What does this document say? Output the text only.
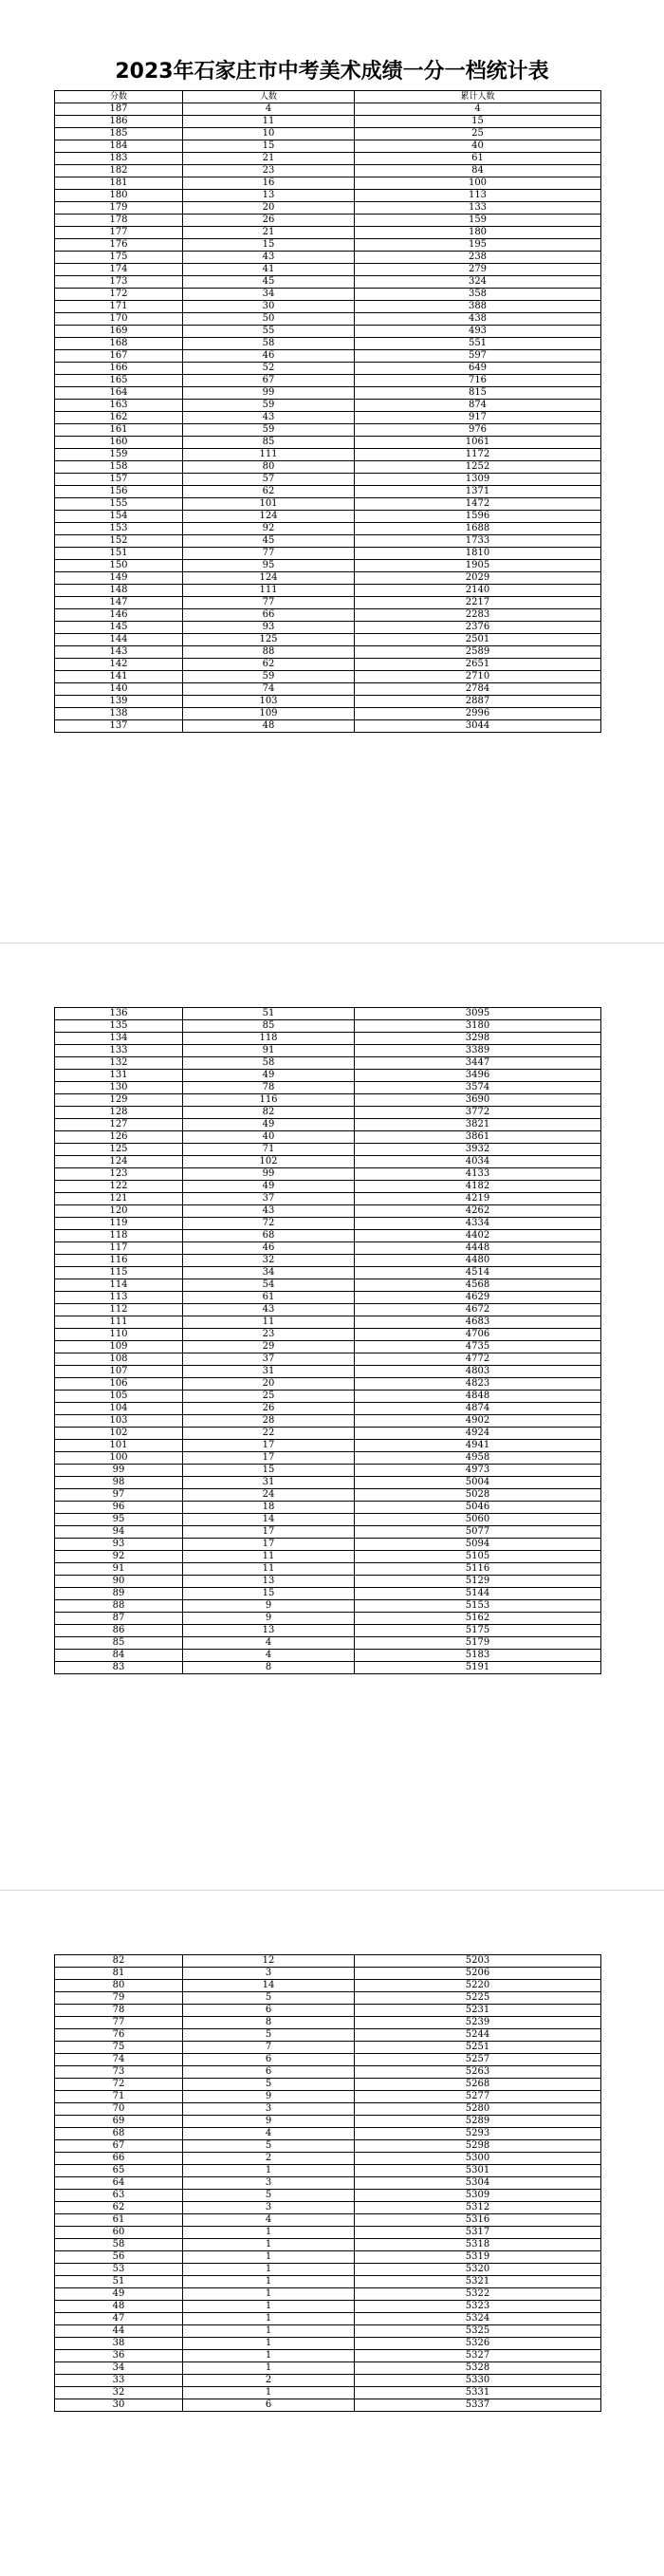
2023年石家庄市中考美术成绩一分一档统计表
分数	人数	累计人数
187	4	4
186	11	15
185	10	25
184	15	40
183	21	61
182	23	84
181	16	100
180	13	113
179	20	133
178	26	159
177	21	180
176	15	195
175	43	238
174	41	279
173	45	324
172	34	358
171	30	388
170	50	438
169	55	493
168	58	551
167	46	597
166	52	649
165	67	716
164	99	815
163	59	874
162	43	917
161	59	976
160	85	1061
159	111	1172
158	80	1252
157	57	1309
156	62	1371
155	101	1472
154	124	1596
153	92	1688
152	45	1733
151	77	1810
150	95	1905
149	124	2029
148	111	2140
147	77	2217
146	66	2283
145	93	2376
144	125	2501
143	88	2589
142	62	2651
141	59	2710
140	74	2784
139	103	2887
138	109	2996
137	48	3044
136	51	3095
135	85	3180
134	118	3298
133	91	3389
132	58	3447
131	49	3496
130	78	3574
129	116	3690
128	82	3772
127	49	3821
126	40	3861
125	71	3932
124	102	4034
123	99	4133
122	49	4182
121	37	4219
120	43	4262
119	72	4334
118	68	4402
117	46	4448
116	32	4480
115	34	4514
114	54	4568
113	61	4629
112	43	4672
111	11	4683
110	23	4706
109	29	4735
108	37	4772
107	31	4803
106	20	4823
105	25	4848
104	26	4874
103	28	4902
102	22	4924
101	17	4941
100	17	4958
99	15	4973
98	31	5004
97	24	5028
96	18	5046
95	14	5060
94	17	5077
93	17	5094
92	11	5105
91	11	5116
90	13	5129
89	15	5144
88	9	5153
87	9	5162
86	13	5175
85	4	5179
84	4	5183
83	8	5191
82	12	5203
81	3	5206
80	14	5220
79	5	5225
78	6	5231
77	8	5239
76	5	5244
75	7	5251
74	6	5257
73	6	5263
72	5	5268
71	9	5277
70	3	5280
69	9	5289
68	4	5293
67	5	5298
66	2	5300
65	1	5301
64	3	5304
63	5	5309
62	3	5312
61	4	5316
60	1	5317
58	1	5318
56	1	5319
53	1	5320
51	1	5321
49	1	5322
48	1	5323
47	1	5324
44	1	5325
38	1	5326
36	1	5327
34	1	5328
33	2	5330
32	1	5331
30	6	5337
